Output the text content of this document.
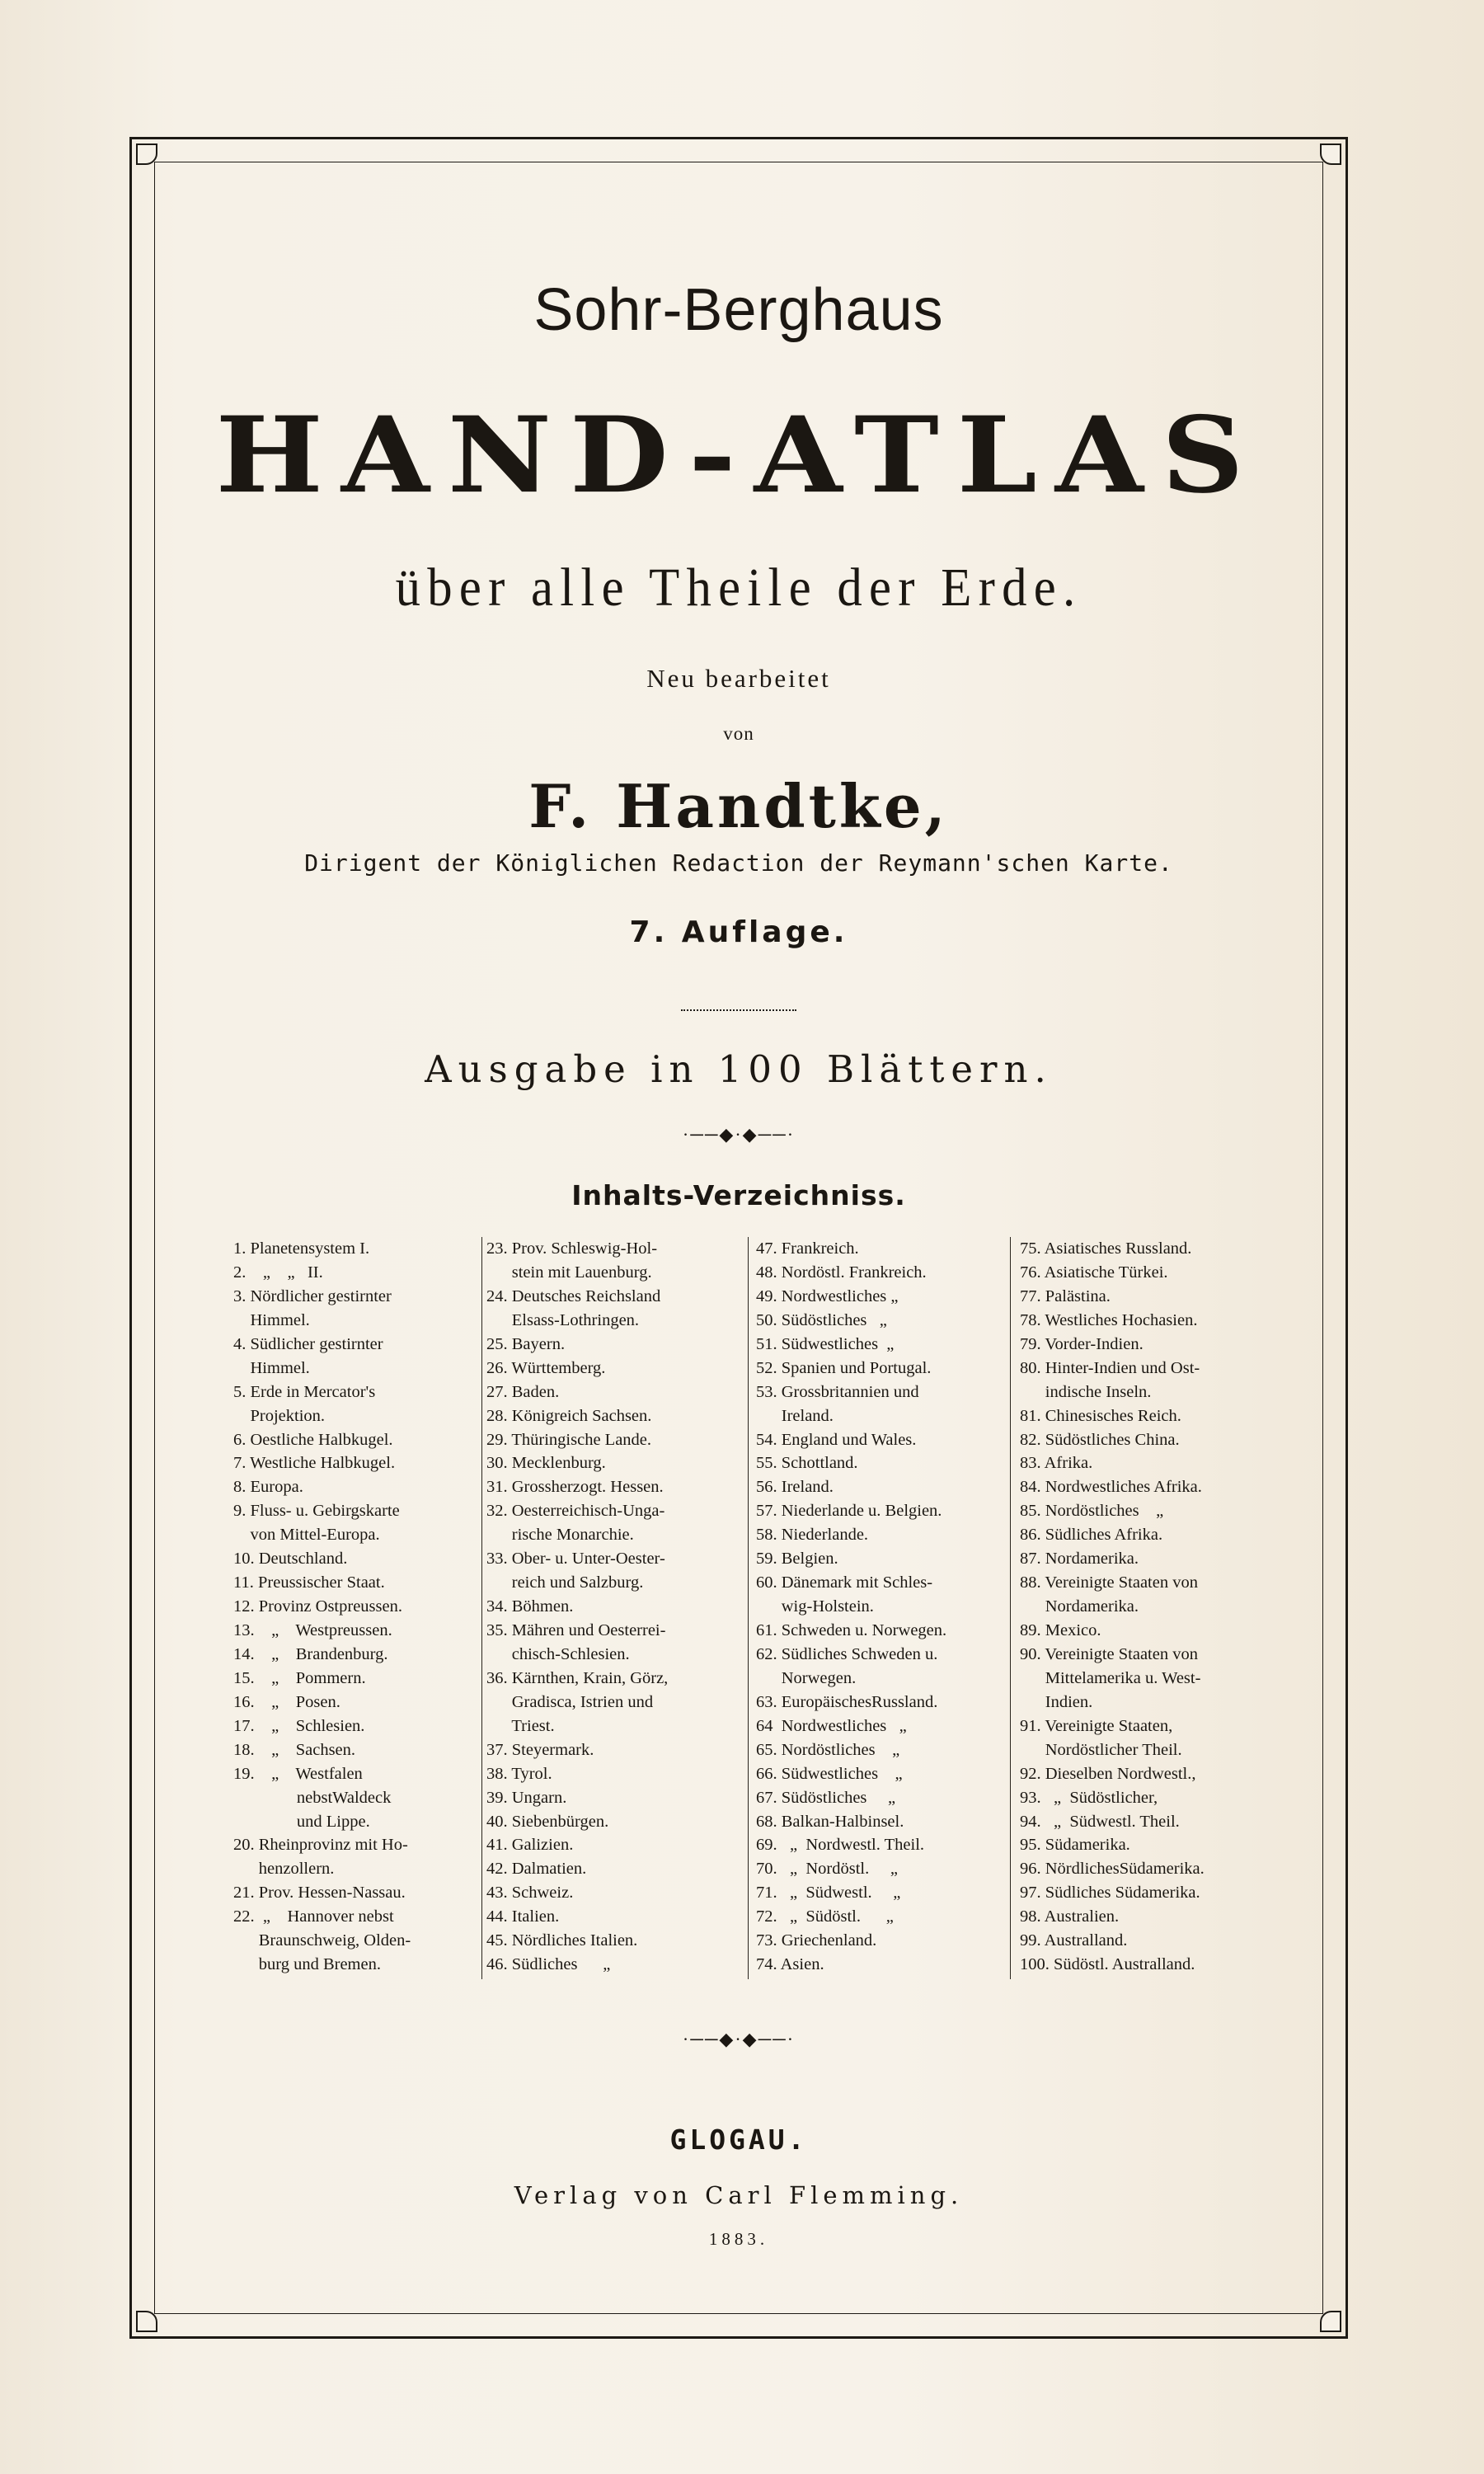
Sohr-Berghaus
HAND-ATLAS
über alle Theile der Erde.
Neu bearbeitet
von
F. Handtke,
Dirigent der Königlichen Redaction der Reymann'schen Karte.
7. Auflage.
Ausgabe in 100 Blättern.
·──◆·◆──·
Inhalts-Verzeichniss.
1. Planetensystem I.
2.    „    „   II.
3. Nördlicher gestirnter
Himmel.
4. Südlicher gestirnter
Himmel.
5. Erde in Mercator's
Projektion.
6. Oestliche Halbkugel.
7. Westliche Halbkugel.
8. Europa.
9. Fluss- u. Gebirgskarte
von Mittel-Europa.
10. Deutschland.
11. Preussischer Staat.
12. Provinz Ostpreussen.
13.    „    Westpreussen.
14.    „    Brandenburg.
15.    „    Pommern.
16.    „    Posen.
17.    „    Schlesien.
18.    „    Sachsen.
19.    „    Westfalen
nebstWaldeck
und Lippe.
20. Rheinprovinz mit Ho-
henzollern.
21. Prov. Hessen-Nassau.
22.  „    Hannover nebst
Braunschweig, Olden-
burg und Bremen.
23. Prov. Schleswig-Hol-
stein mit Lauenburg.
24. Deutsches Reichsland
Elsass-Lothringen.
25. Bayern.
26. Württemberg.
27. Baden.
28. Königreich Sachsen.
29. Thüringische Lande.
30. Mecklenburg.
31. Grossherzogt. Hessen.
32. Oesterreichisch-Unga-
rische Monarchie.
33. Ober- u. Unter-Oester-
reich und Salzburg.
34. Böhmen.
35. Mähren und Oesterrei-
chisch-Schlesien.
36. Kärnthen, Krain, Görz,
Gradisca, Istrien und
Triest.
37. Steyermark.
38. Tyrol.
39. Ungarn.
40. Siebenbürgen.
41. Galizien.
42. Dalmatien.
43. Schweiz.
44. Italien.
45. Nördliches Italien.
46. Südliches      „
47. Frankreich.
48. Nordöstl. Frankreich.
49. Nordwestliches „
50. Südöstliches   „
51. Südwestliches  „
52. Spanien und Portugal.
53. Grossbritannien und
Ireland.
54. England und Wales.
55. Schottland.
56. Ireland.
57. Niederlande u. Belgien.
58. Niederlande.
59. Belgien.
60. Dänemark mit Schles-
wig-Holstein.
61. Schweden u. Norwegen.
62. Südliches Schweden u.
Norwegen.
63. EuropäischesRussland.
64  Nordwestliches   „
65. Nordöstliches    „
66. Südwestliches    „
67. Südöstliches     „
68. Balkan-Halbinsel.
69.   „  Nordwestl. Theil.
70.   „  Nordöstl.     „
71.   „  Südwestl.     „
72.   „  Südöstl.      „
73. Griechenland.
74. Asien.
75. Asiatisches Russland.
76. Asiatische Türkei.
77. Palästina.
78. Westliches Hochasien.
79. Vorder-Indien.
80. Hinter-Indien und Ost-
indische Inseln.
81. Chinesisches Reich.
82. Südöstliches China.
83. Afrika.
84. Nordwestliches Afrika.
85. Nordöstliches    „
86. Südliches Afrika.
87. Nordamerika.
88. Vereinigte Staaten von
Nordamerika.
89. Mexico.
90. Vereinigte Staaten von
Mittelamerika u. West-
Indien.
91. Vereinigte Staaten,
Nordöstlicher Theil.
92. Dieselben Nordwestl.,
93.   „  Südöstlicher,
94.   „  Südwestl. Theil.
95. Südamerika.
96. NördlichesSüdamerika.
97. Südliches Südamerika.
98. Australien.
99. Australland.
100. Südöstl. Australland.
·──◆·◆──·
GLOGAU.
Verlag von Carl Flemming.
1883.
